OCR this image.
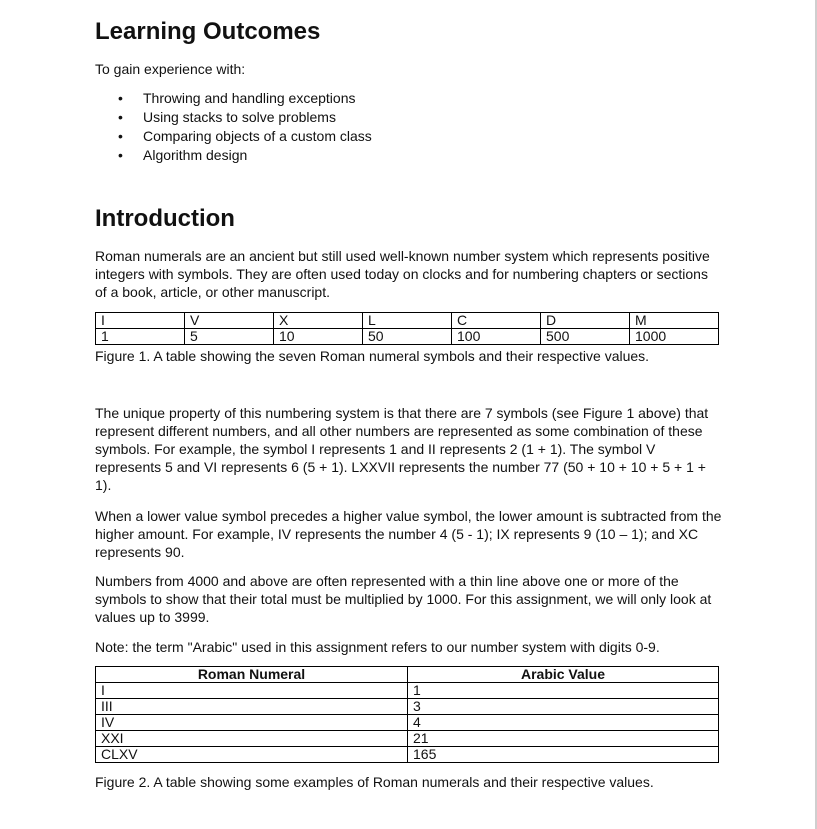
Learning Outcomes

To gain experience with:

• Throwing and handling exceptions
• Using stacks to solve problems
• Comparing objects of a custom class
• Algorithm design
Introduction

Roman numerals are an ancient but still used well-known number system which represents positive integers with symbols. They are often used today on clocks and for numbering chapters or sections of a book, article, or other manuscript.

I	V	X	L	C	D	M
1	5	10	50	100	500	1000

Figure 1. A table showing the seven Roman numeral symbols and their respective values.

The unique property of this numbering system is that there are 7 symbols (see Figure 1 above) that represent different numbers, and all other numbers are represented as some combination of these symbols. For example, the symbol I represents 1 and II represents 2 (1 + 1). The symbol V represents 5 and VI represents 6 (5 + 1). LXXVII represents the number 77 (50 + 10 + 10 + 5 + 1 + 1).

When a lower value symbol precedes a higher value symbol, the lower amount is subtracted from the higher amount. For example, IV represents the number 4 (5 - 1); IX represents 9 (10 – 1); and XC represents 90.

Numbers from 4000 and above are often represented with a thin line above one or more of the symbols to show that their total must be multiplied by 1000. For this assignment, we will only look at values up to 3999.

Note: the term "Arabic" used in this assignment refers to our number system with digits 0-9.

Roman Numeral	Arabic Value
I	1
III	3
IV	4
XXI	21
CLXV	165

Figure 2. A table showing some examples of Roman numerals and their respective values.
